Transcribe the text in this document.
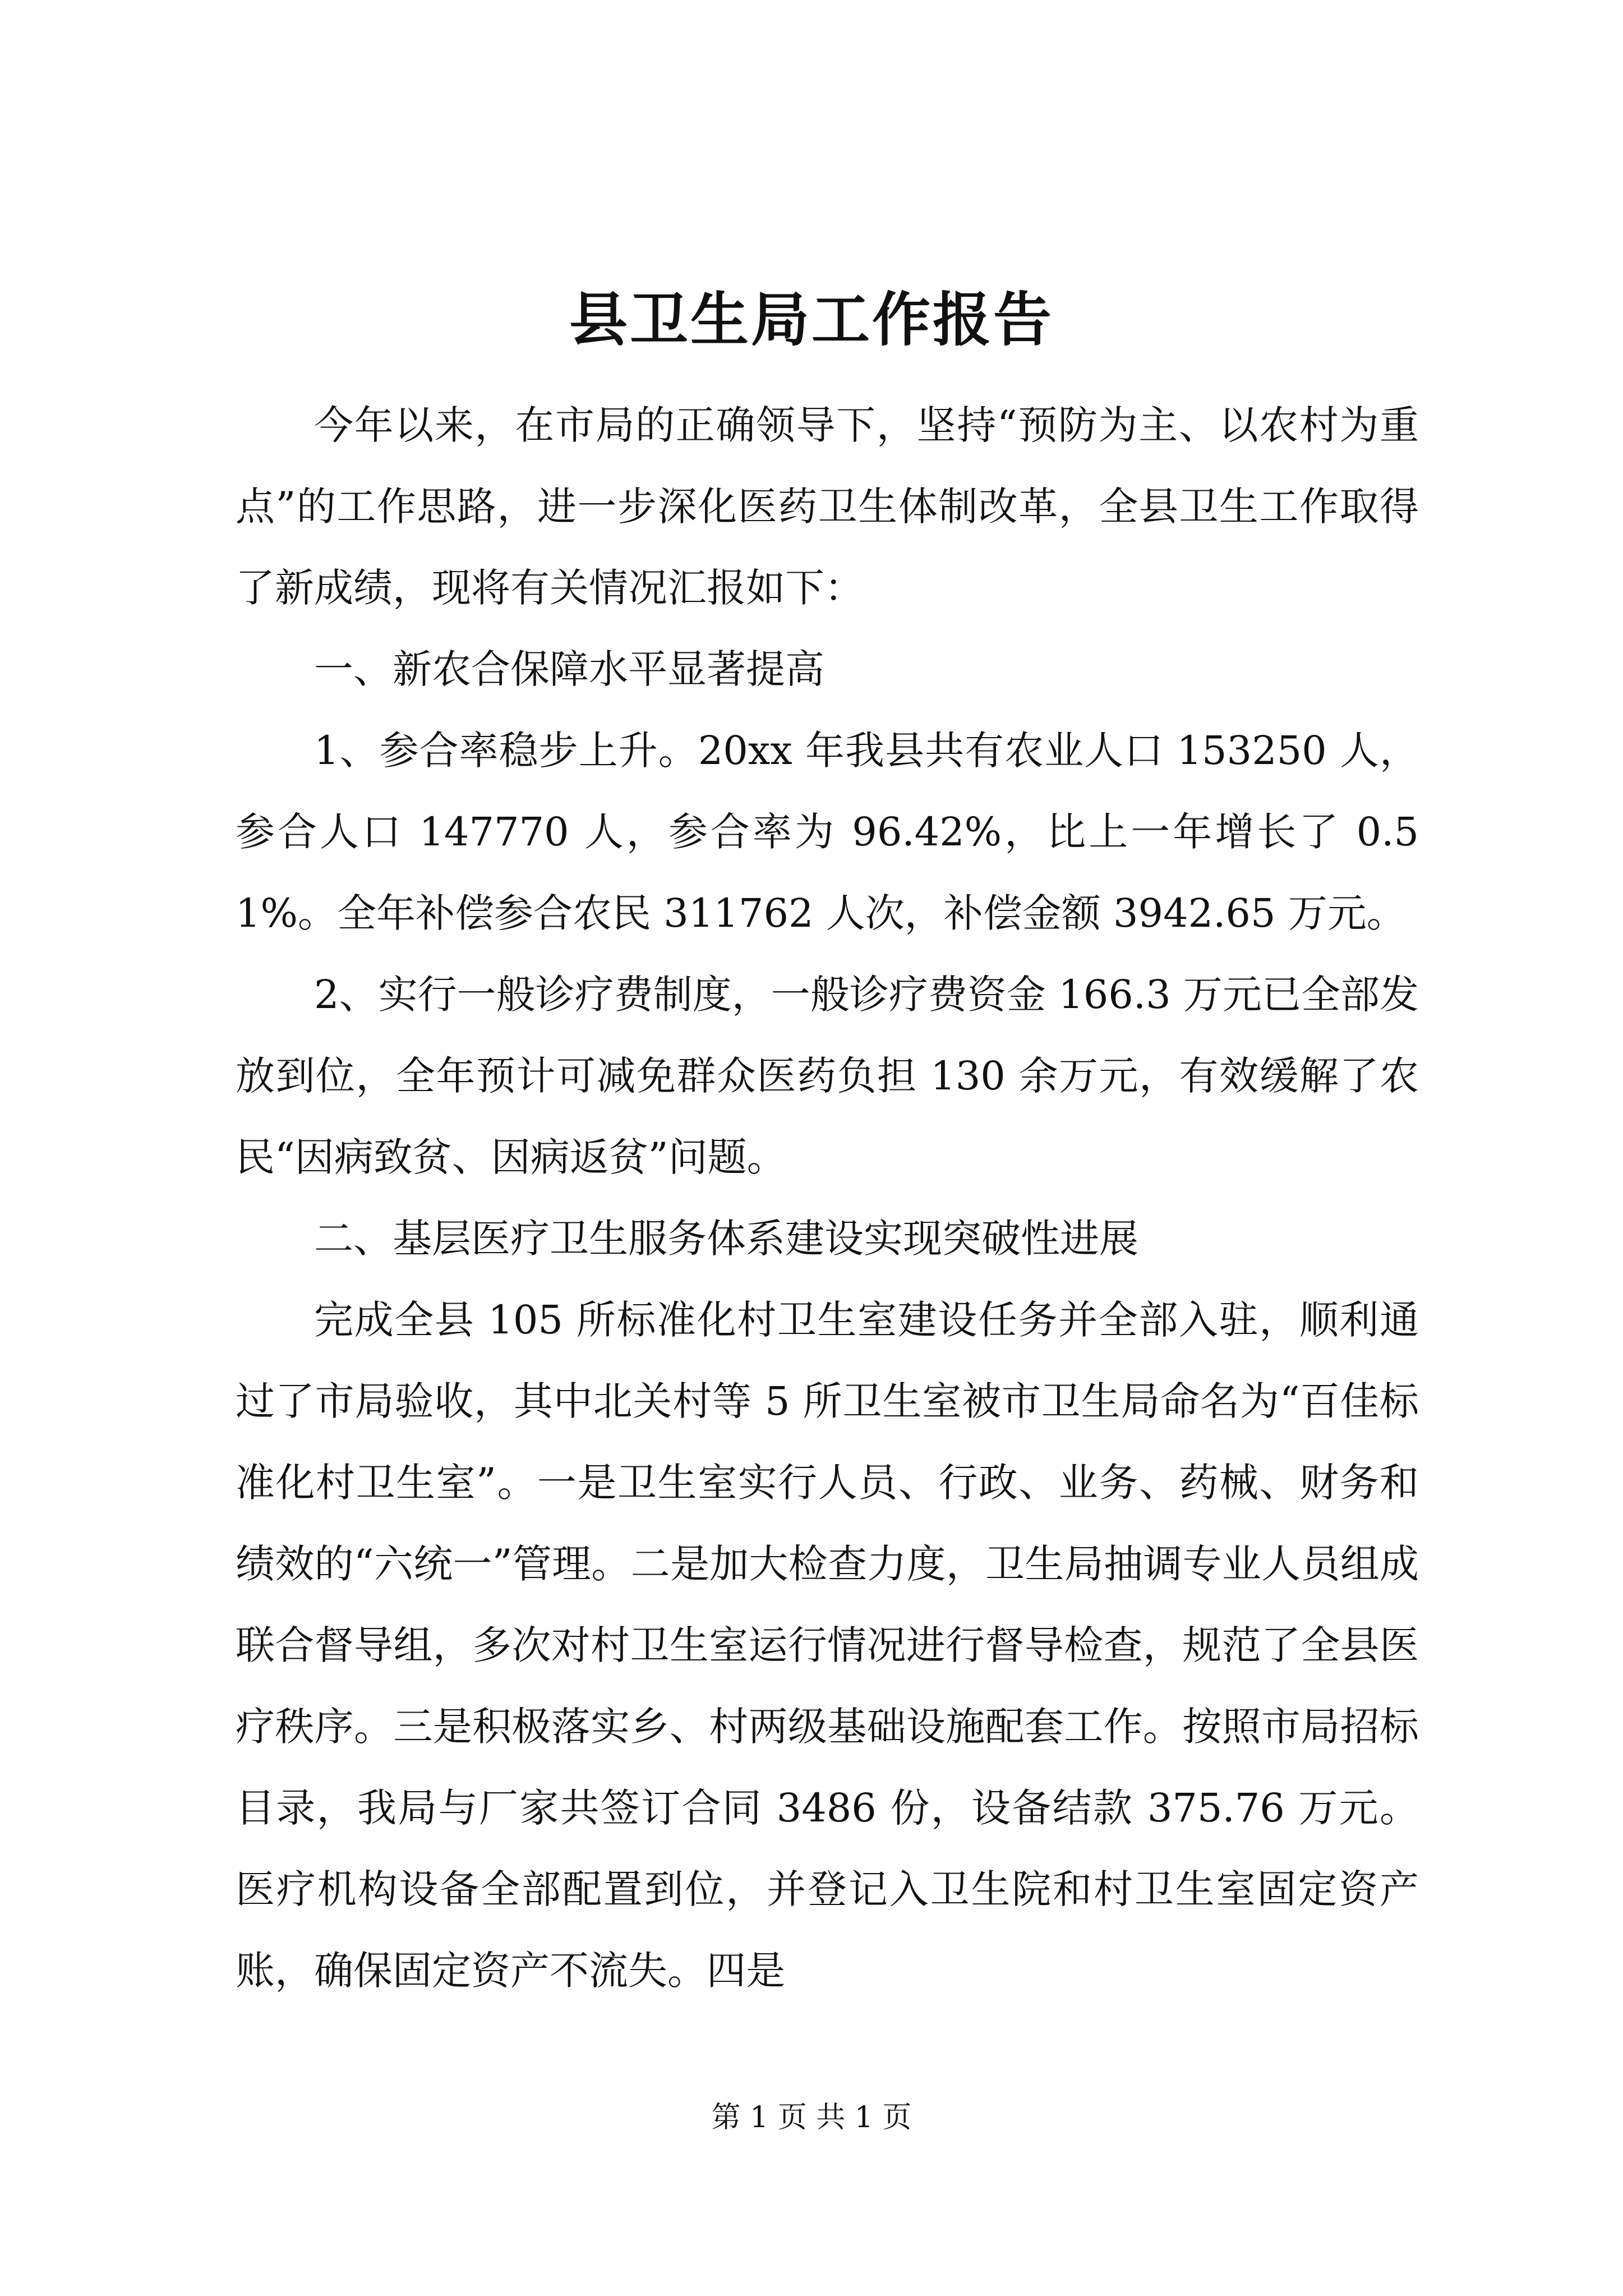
县卫生局工作报告

今年以来，在市局的正确领导下，坚持“预防为主、以农村为重点”的工作思路，进一步深化医药卫生体制改革，全县卫生工作取得了新成绩，现将有关情况汇报如下：

一、新农合保障水平显著提高

1、参合率稳步上升。20xx 年我县共有农业人口 153250 人，参合人口 147770 人，参合率为 96.42%，比上一年增长了 0.51%。全年补偿参合农民 311762 人次，补偿金额 3942.65 万元。

2、实行一般诊疗费制度，一般诊疗费资金 166.3 万元已全部发放到位，全年预计可减免群众医药负担 130 余万元，有效缓解了农民“因病致贫、因病返贫”问题。

二、基层医疗卫生服务体系建设实现突破性进展

完成全县 105 所标准化村卫生室建设任务并全部入驻，顺利通过了市局验收，其中北关村等 5 所卫生室被市卫生局命名为“百佳标准化村卫生室”。一是卫生室实行人员、行政、业务、药械、财务和绩效的“六统一”管理。二是加大检查力度，卫生局抽调专业人员组成联合督导组，多次对村卫生室运行情况进行督导检查，规范了全县医疗秩序。三是积极落实乡、村两级基础设施配套工作。按照市局招标目录，我局与厂家共签订合同 3486 份，设备结款 375.76 万元。医疗机构设备全部配置到位，并登记入卫生院和村卫生室固定资产账，确保固定资产不流失。四是

第 1 页 共 1 页
